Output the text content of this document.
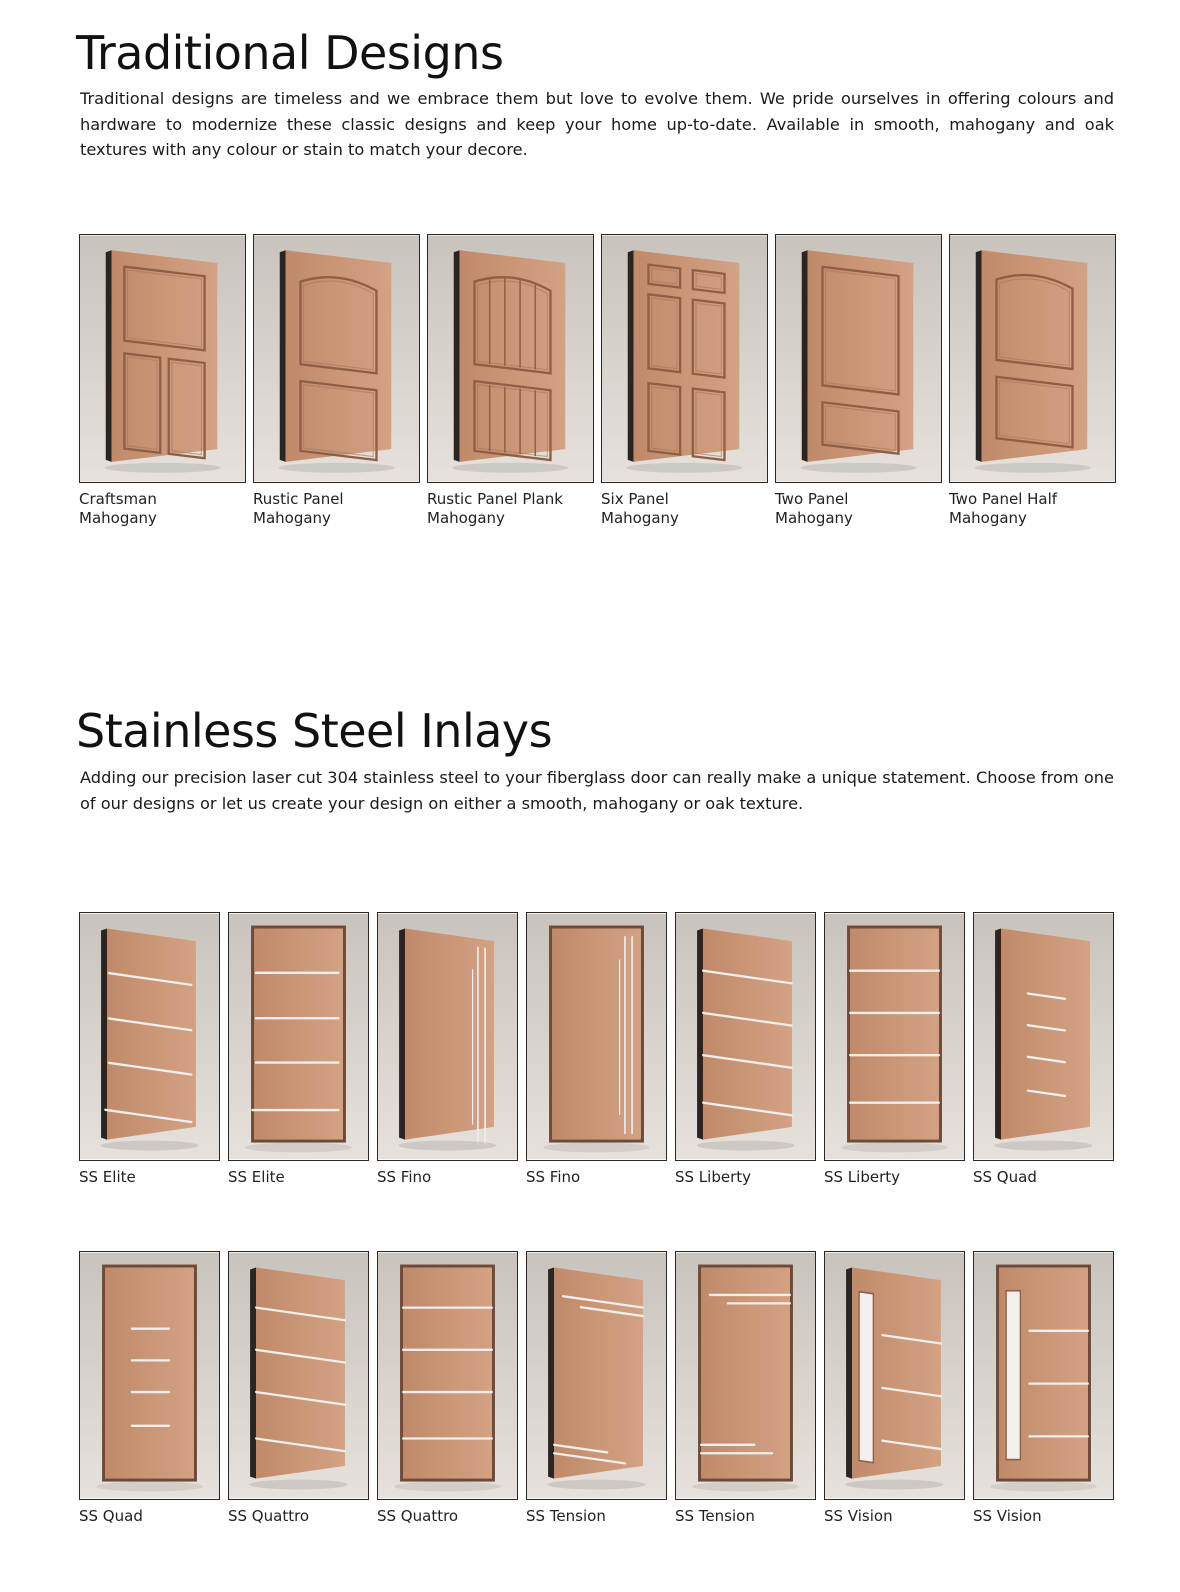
Traditional Designs

Traditional designs are timeless and we embrace them but love to evolve them. We pride ourselves in offering colours and hardware to modernize these classic designs and keep your home up-to-date. Available in smooth, mahogany and oak textures with any colour or stain to match your decore.

Craftsman
Mahogany
Rustic Panel
Mahogany
Rustic Panel Plank
Mahogany
Six Panel
Mahogany
Two Panel
Mahogany
Two Panel Half
Mahogany
Stainless Steel Inlays

Adding our precision laser cut 304 stainless steel to your fiberglass door can really make a unique statement. Choose from one of our designs or let us create your design on either a smooth, mahogany or oak texture.

SS Elite	SS Elite	SS Fino	SS Fino	SS Liberty	SS Liberty	SS Quad
SS Quad	SS Quattro	SS Quattro	SS Tension	SS Tension	SS Vision	SS Vision
